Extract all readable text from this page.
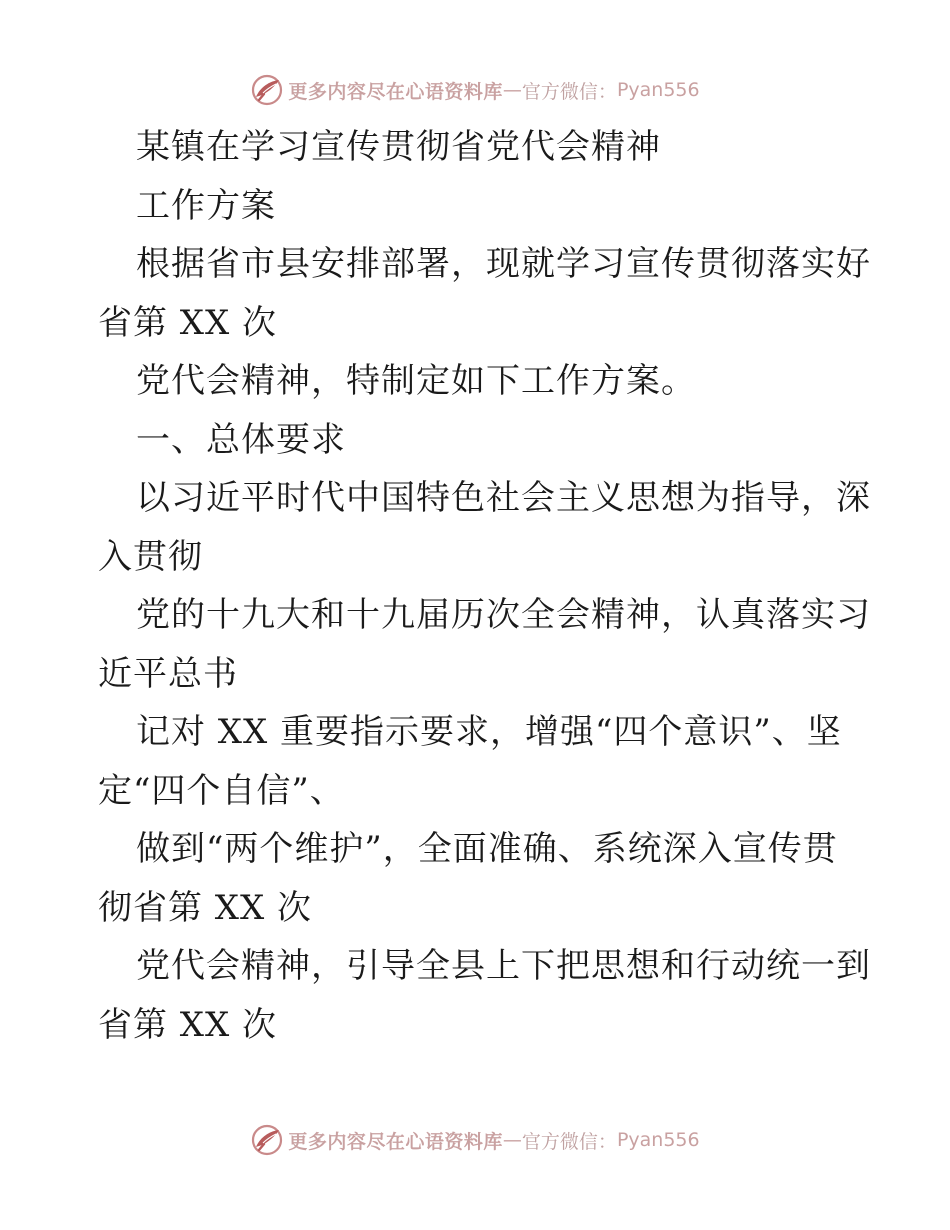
更多内容尽在心语资料库 — 官方微信： Pyan556
某镇在学习宣传贯彻省党代会精神
工作方案
根据省市县安排部署，现就学习宣传贯彻落实好
省第 XX 次
党代会精神，特制定如下工作方案。
一、总体要求
以习近平时代中国特色社会主义思想为指导，深
入贯彻
党的十九大和十九届历次全会精神，认真落实习
近平总书
记对 XX 重要指示要求，增强“四个意识”、坚
定“四个自信”、
做到“两个维护”，全面准确、系统深入宣传贯
彻省第 XX 次
党代会精神，引导全县上下把思想和行动统一到
省第 XX 次
更多内容尽在心语资料库 — 官方微信： Pyan556
